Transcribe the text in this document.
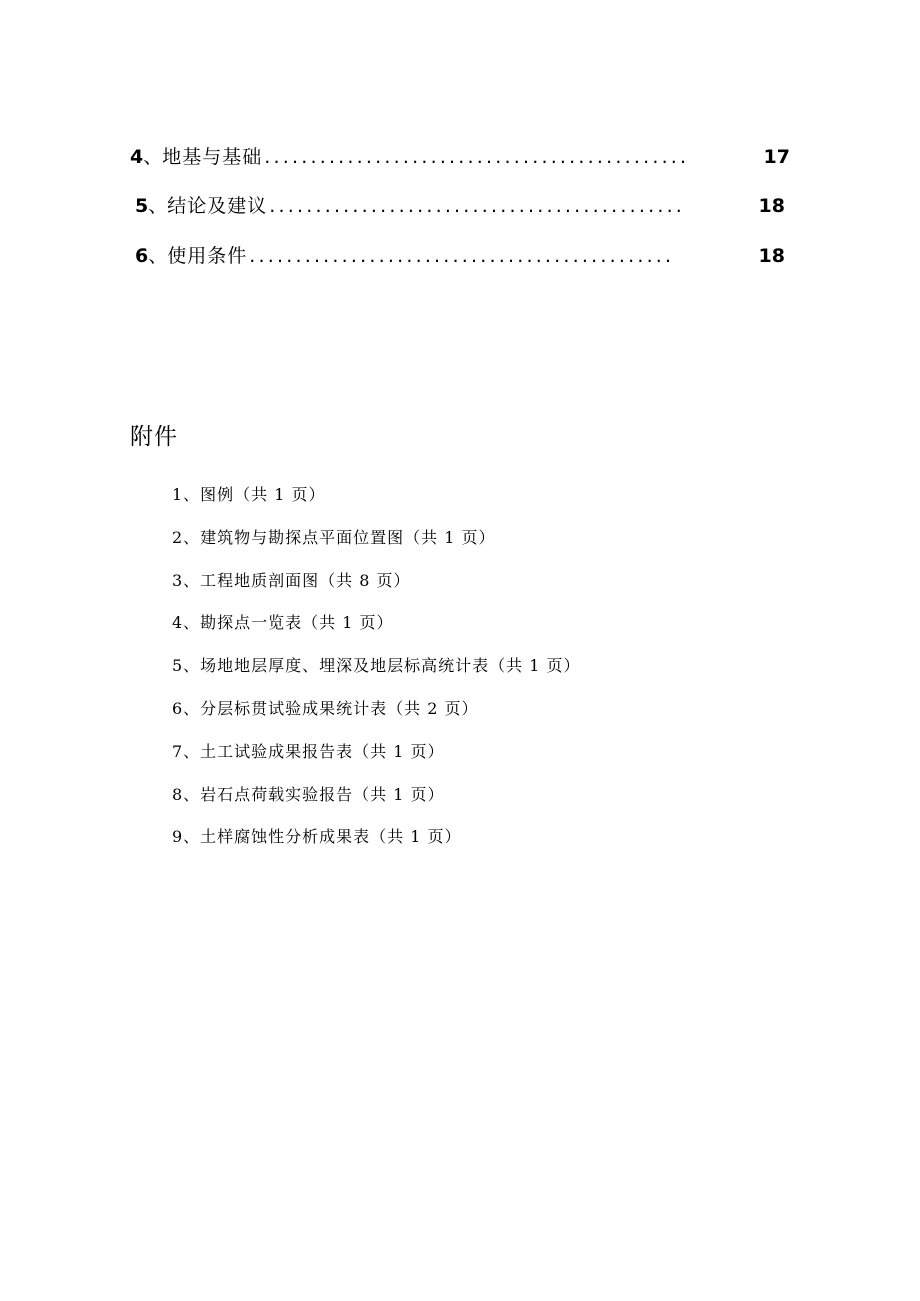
4 、 地基与基础 ..............................................	17
5 、 结论及建议 .............................................	18
6 、 使用条件 ..............................................	18
附件
1、图例（共 1 页）
2、建筑物与勘探点平面位置图（共 1 页）
3、工程地质剖面图（共 8 页）
4、勘探点一览表（共 1 页）
5、场地地层厚度、埋深及地层标高统计表（共 1 页）
6、分层标贯试验成果统计表（共 2 页）
7、土工试验成果报告表（共 1 页）
8、岩石点荷载实验报告（共 1 页）
9、土样腐蚀性分析成果表（共 1 页）
